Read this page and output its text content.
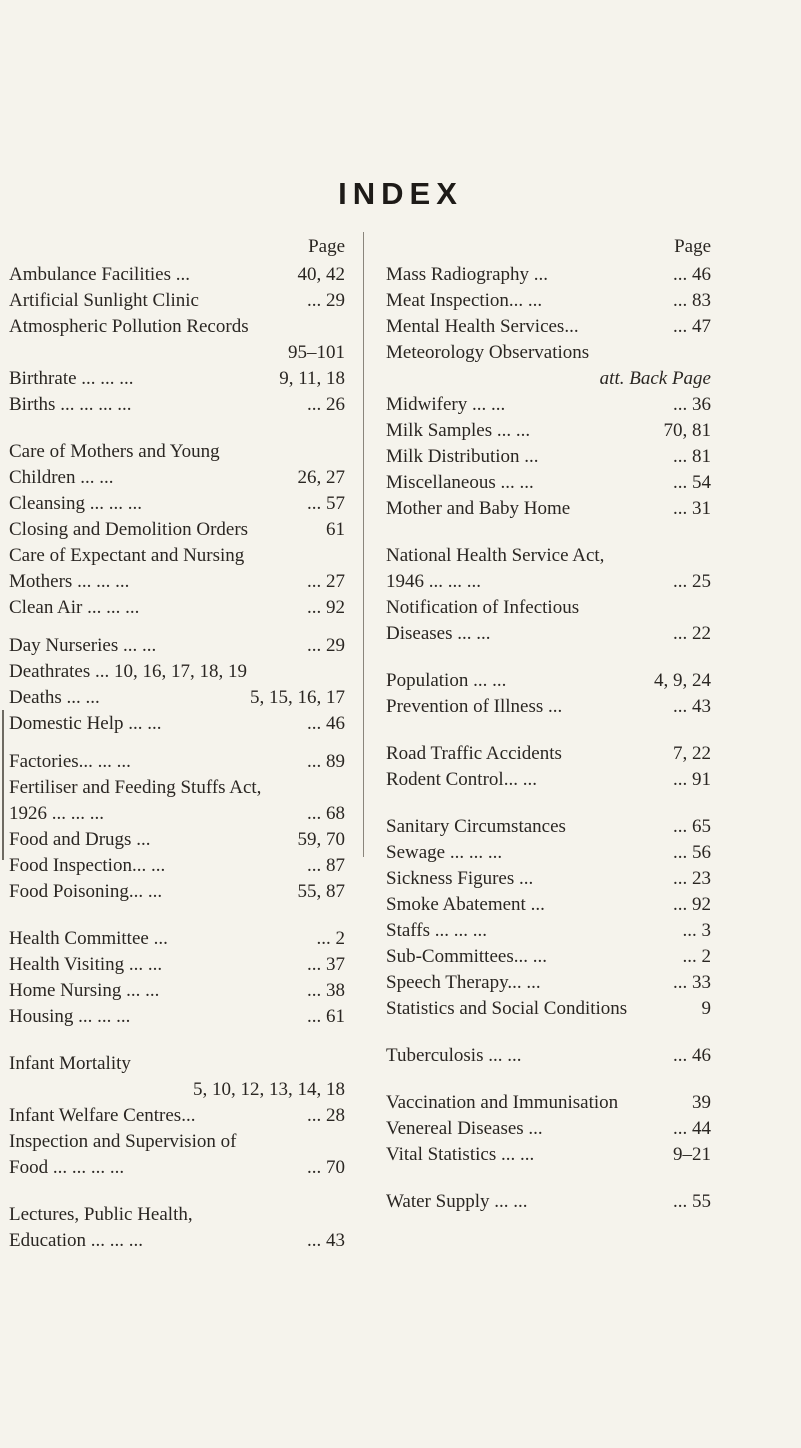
INDEX
Page
Ambulance Facilities ...	40, 42
Artificial Sunlight Clinic	... 29
Atmospheric Pollution Records
95–101
Birthrate ... ... ...	9, 11, 18
Births ... ... ... ...	... 26
Care of Mothers and Young
Children ... ...	26, 27
Cleansing ... ... ...	... 57
Closing and Demolition Orders	61
Care of Expectant and Nursing
Mothers ... ... ...	... 27
Clean Air ... ... ...	... 92
Day Nurseries ... ...	... 29
Deathrates ... 10, 16, 17, 18, 19
Deaths ... ...	5, 15, 16, 17
Domestic Help ... ...	... 46
Factories... ... ...	... 89
Fertiliser and Feeding Stuffs Act,
1926 ... ... ...	... 68
Food and Drugs ...	59, 70
Food Inspection... ...	... 87
Food Poisoning... ...	55, 87
Health Committee ...	... 2
Health Visiting ... ...	... 37
Home Nursing ... ...	... 38
Housing ... ... ...	... 61
Infant Mortality
5, 10, 12, 13, 14, 18
Infant Welfare Centres...	... 28
Inspection and Supervision of
Food ... ... ... ...	... 70
Lectures, Public Health,
Education ... ... ...	... 43
Page
Mass Radiography ...	... 46
Meat Inspection... ...	... 83
Mental Health Services...	... 47
Meteorology Observations
att. Back Page
Midwifery ... ...	... 36
Milk Samples ... ...	70, 81
Milk Distribution ...	... 81
Miscellaneous ... ...	... 54
Mother and Baby Home	... 31
National Health Service Act,
1946 ... ... ...	... 25
Notification of Infectious
Diseases ... ...	... 22
Population ... ...	4, 9, 24
Prevention of Illness ...	... 43
Road Traffic Accidents	7, 22
Rodent Control... ...	... 91
Sanitary Circumstances	... 65
Sewage ... ... ...	... 56
Sickness Figures ...	... 23
Smoke Abatement ...	... 92
Staffs ... ... ...	... 3
Sub-Committees... ...	... 2
Speech Therapy... ...	... 33
Statistics and Social Conditions	9
Tuberculosis ... ...	... 46
Vaccination and Immunisation	39
Venereal Diseases ...	... 44
Vital Statistics ... ...	9–21
Water Supply ... ...	... 55
